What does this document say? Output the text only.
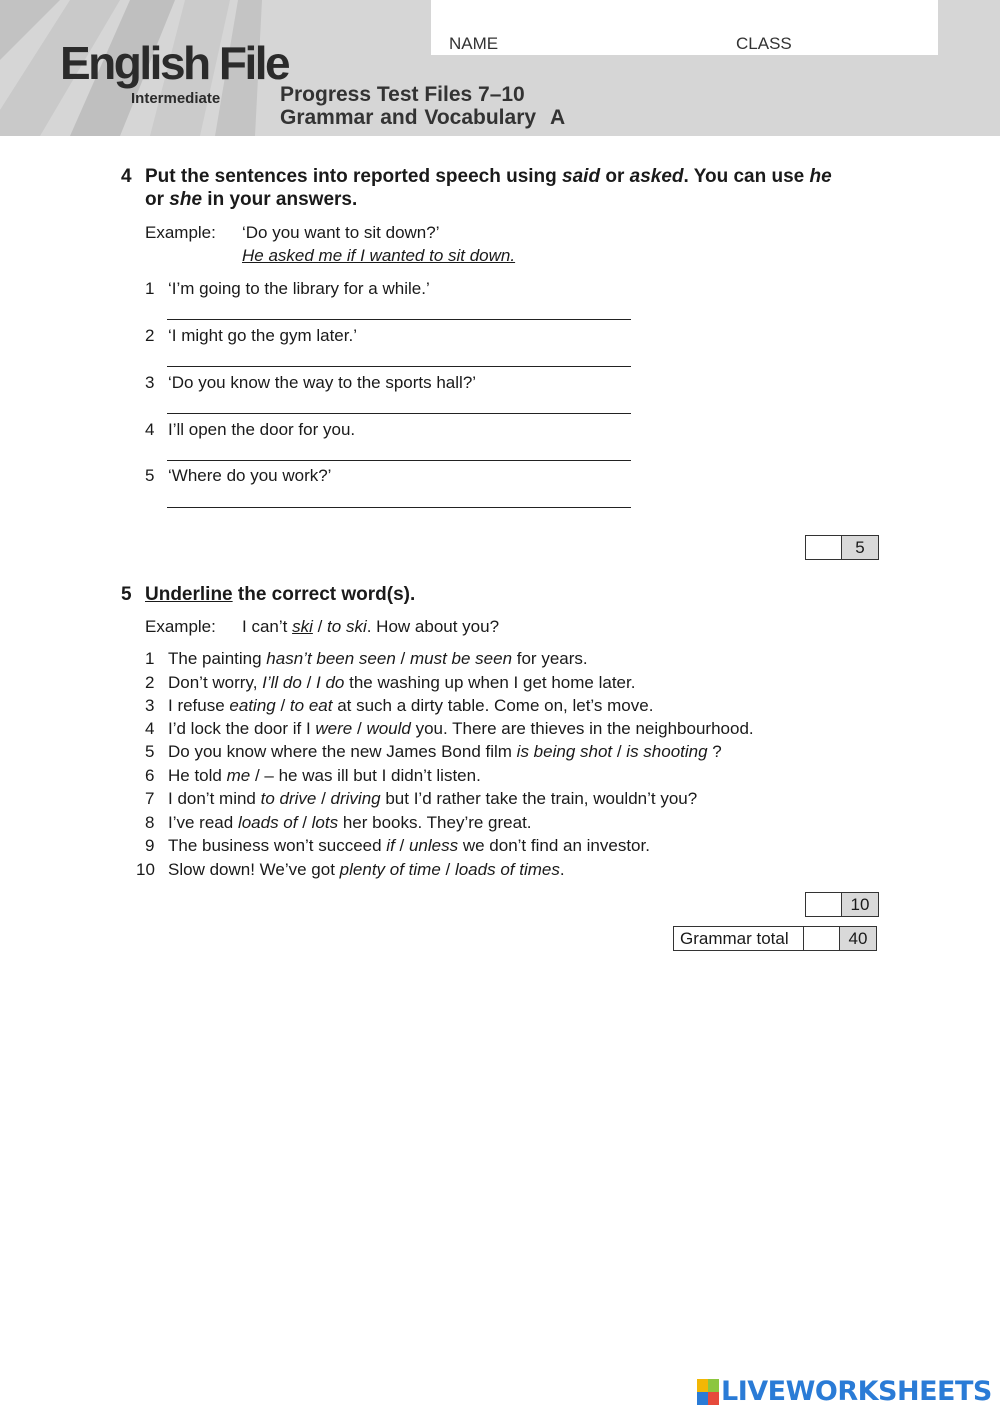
English File
Intermediate
NAME	CLASS
Progress Test Files 7–10
Grammar and Vocabulary A
4 Put the sentences into reported speech using said or asked. You can use he
or she in your answers.
Example: ‘Do you want to sit down?’
He asked me if I wanted to sit down.
1 ‘I’m going to the library for a while.’
2 ‘I might go the gym later.’
3 ‘Do you know the way to the sports hall?’
4 I’ll open the door for you.
5 ‘Where do you work?’
5
5 Underline the correct word(s).
Example: I can’t ski / to ski. How about you?
1 The painting hasn’t been seen / must be seen for years.
2 Don’t worry, I’ll do / I do the washing up when I get home later.
3 I refuse eating / to eat at such a dirty table. Come on, let’s move.
4 I’d lock the door if I were / would you. There are thieves in the neighbourhood.
5 Do you know where the new James Bond film is being shot / is shooting ?
6 He told me / – he was ill but I didn’t listen.
7 I don’t mind to drive / driving but I’d rather take the train, wouldn’t you?
8 I’ve read loads of / lots her books. They’re great.
9 The business won’t succeed if / unless we don’t find an investor.
10 Slow down! We’ve got plenty of time / loads of times.
10
Grammar total	40
LIVEWORKSHEETS
